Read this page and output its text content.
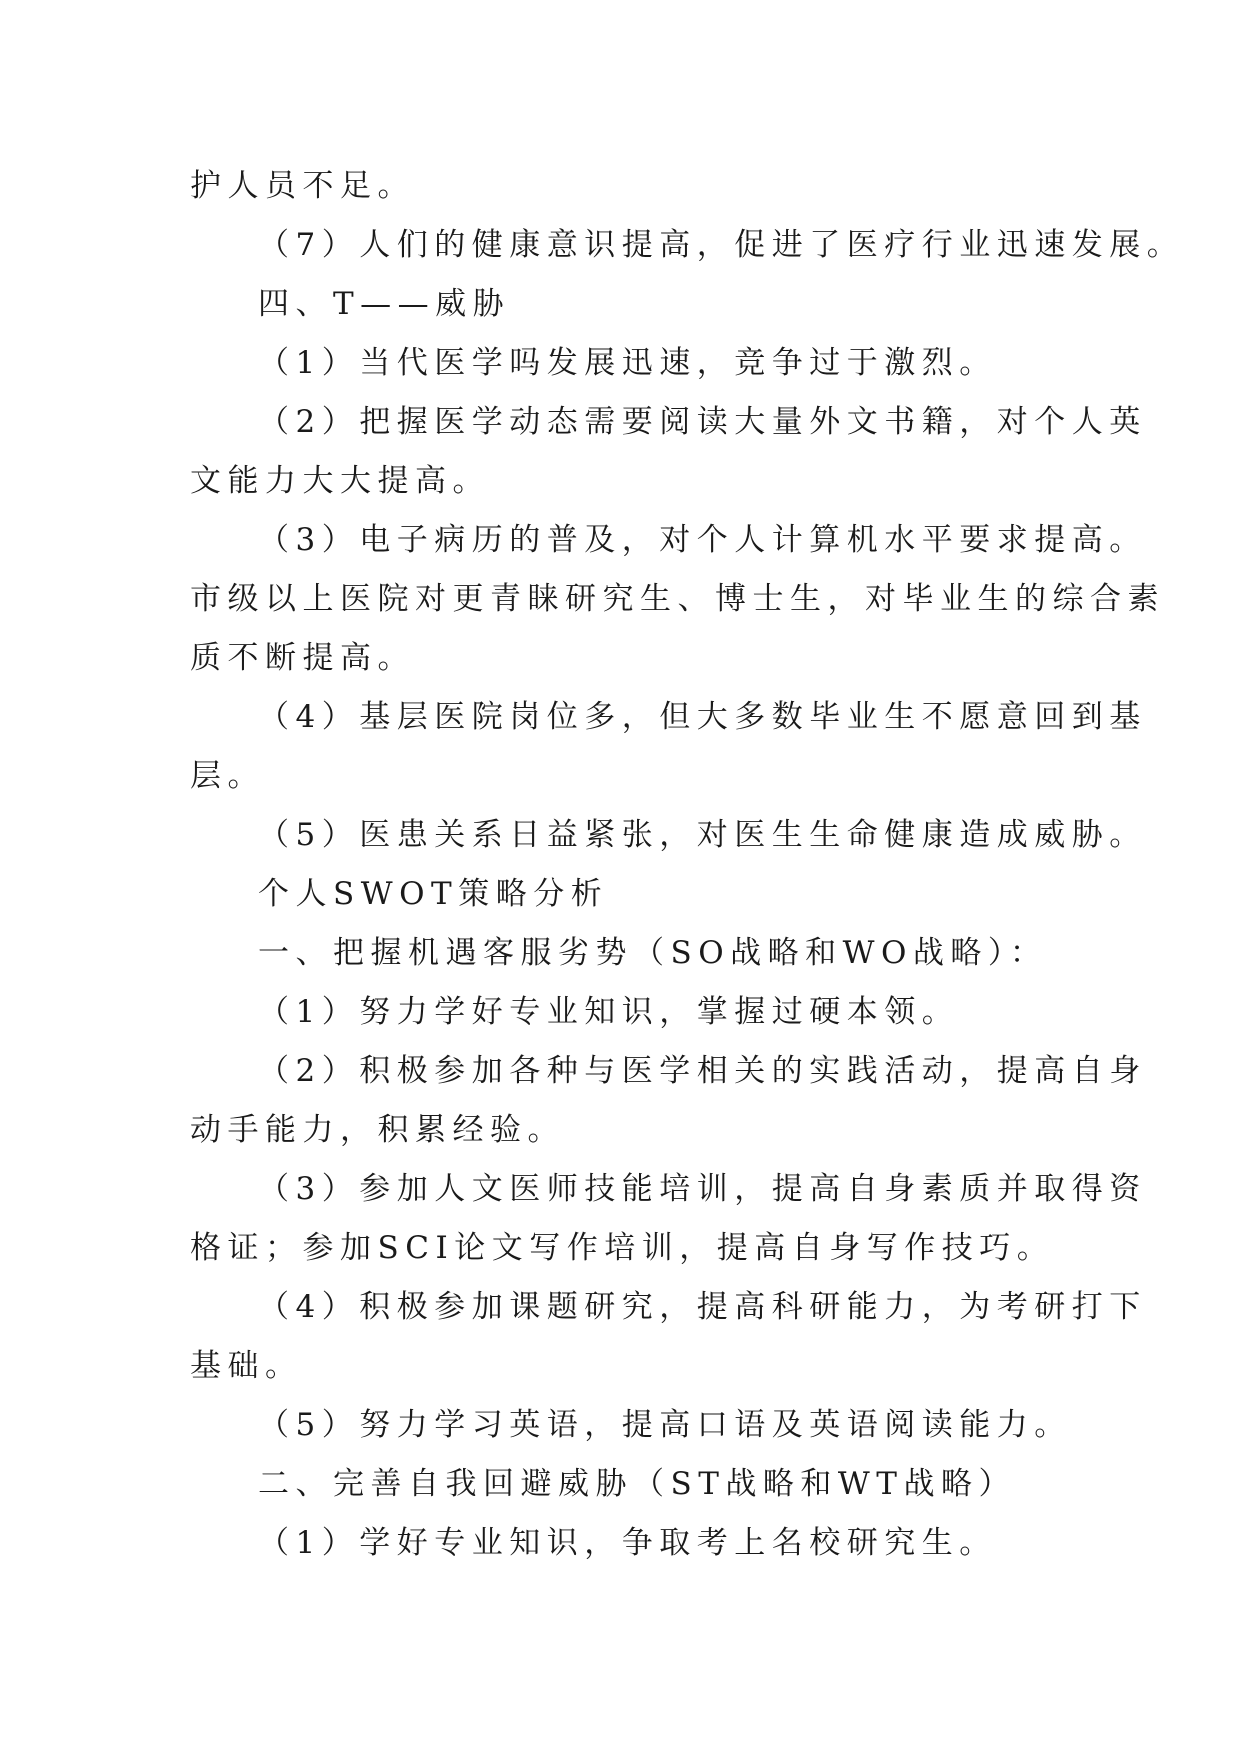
护人员不足。
（7）人们的健康意识提高，促进了医疗行业迅速发展。
四、T——威胁
（1）当代医学吗发展迅速，竞争过于激烈。
（2）把握医学动态需要阅读大量外文书籍，对个人英
文能力大大提高。
（3）电子病历的普及，对个人计算机水平要求提高。
市级以上医院对更青睐研究生、博士生，对毕业生的综合素
质不断提高。
（4）基层医院岗位多，但大多数毕业生不愿意回到基
层。
（5）医患关系日益紧张，对医生生命健康造成威胁。
个人SWOT策略分析
一、把握机遇客服劣势（SO战略和WO战略）：
（1）努力学好专业知识，掌握过硬本领。
（2）积极参加各种与医学相关的实践活动，提高自身
动手能力，积累经验。
（3）参加人文医师技能培训，提高自身素质并取得资
格证；参加SCI论文写作培训，提高自身写作技巧。
（4）积极参加课题研究，提高科研能力，为考研打下
基础。
（5）努力学习英语，提高口语及英语阅读能力。
二、完善自我回避威胁（ST战略和WT战略）
（1）学好专业知识，争取考上名校研究生。
